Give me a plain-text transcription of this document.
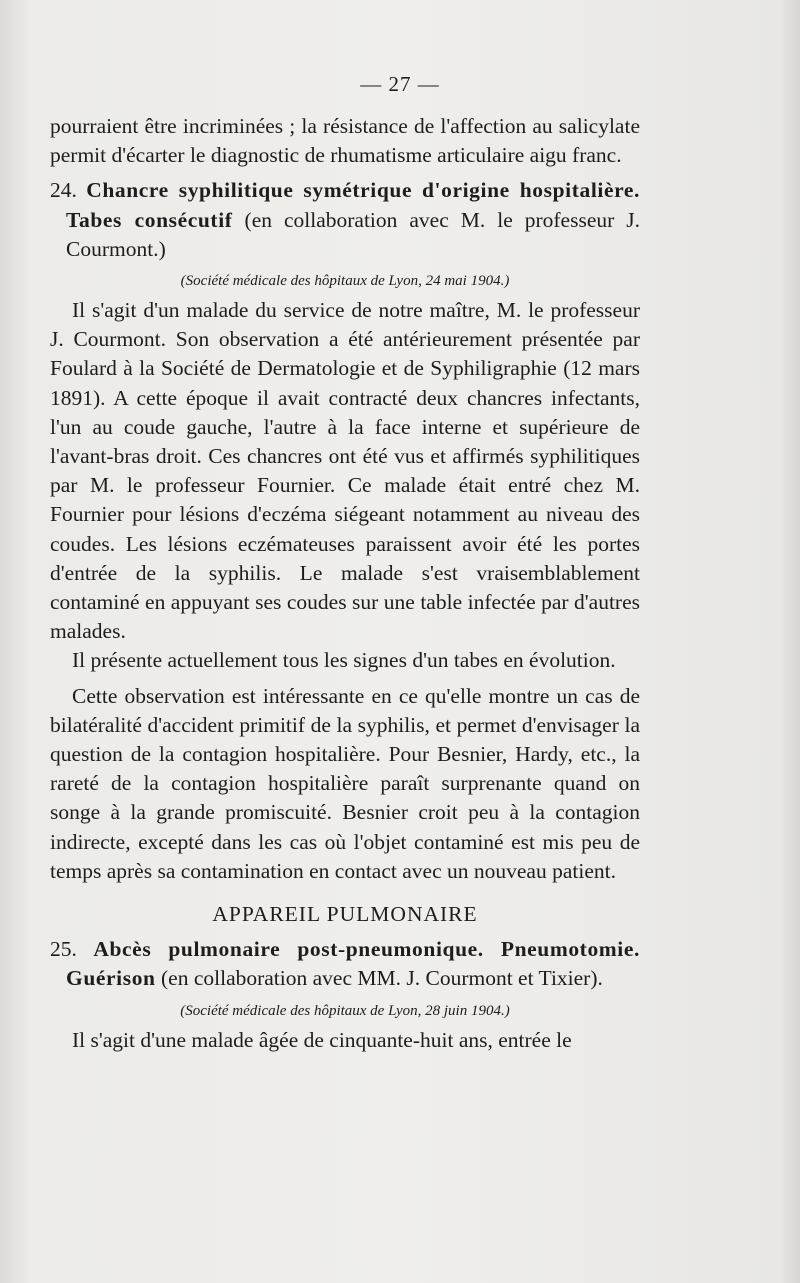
— 27 —

pourraient être incriminées ; la résistance de l'affection au salicylate permit d'écarter le diagnostic de rhumatisme articulaire aigu franc.

24. Chancre syphilitique symétrique d'origine hospitalière. Tabes consécutif (en collaboration avec M. le professeur J. Courmont.)

(Société médicale des hôpitaux de Lyon, 24 mai 1904.)

Il s'agit d'un malade du service de notre maître, M. le professeur J. Courmont. Son observation a été antérieurement présentée par Foulard à la Société de Dermatologie et de Syphiligraphie (12 mars 1891). A cette époque il avait contracté deux chancres infectants, l'un au coude gauche, l'autre à la face interne et supérieure de l'avant-bras droit. Ces chancres ont été vus et affirmés syphilitiques par M. le professeur Fournier. Ce malade était entré chez M. Fournier pour lésions d'eczéma siégeant notamment au niveau des coudes. Les lésions eczémateuses paraissent avoir été les portes d'entrée de la syphilis. Le malade s'est vraisemblablement contaminé en appuyant ses coudes sur une table infectée par d'autres malades.

Il présente actuellement tous les signes d'un tabes en évolution.

Cette observation est intéressante en ce qu'elle montre un cas de bilatéralité d'accident primitif de la syphilis, et permet d'envisager la question de la contagion hospitalière. Pour Besnier, Hardy, etc., la rareté de la contagion hospitalière paraît surprenante quand on songe à la grande promiscuité. Besnier croit peu à la contagion indirecte, excepté dans les cas où l'objet contaminé est mis peu de temps après sa contamination en contact avec un nouveau patient.

APPAREIL PULMONAIRE

25. Abcès pulmonaire post-pneumonique. Pneumotomie. Guérison (en collaboration avec MM. J. Courmont et Tixier).

(Société médicale des hôpitaux de Lyon, 28 juin 1904.)

Il s'agit d'une malade âgée de cinquante-huit ans, entrée le
